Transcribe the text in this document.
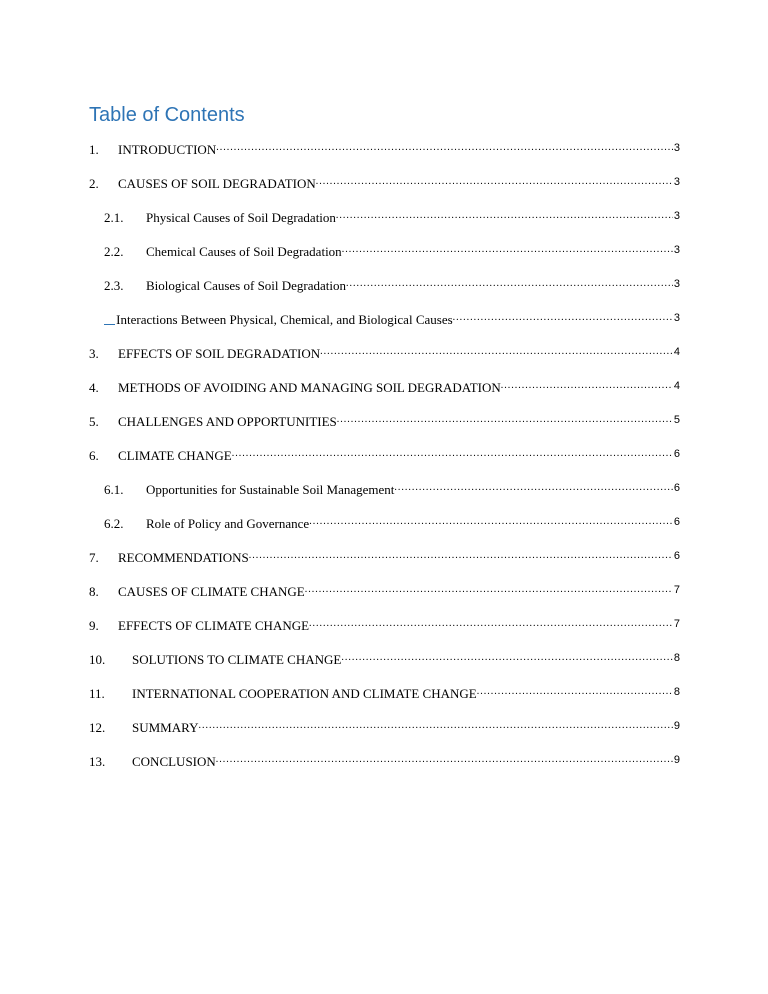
Table of Contents
1. INTRODUCTION .....	3
2. CAUSES OF SOIL DEGRADATION .....	3
2.1. Physical Causes of Soil Degradation .....	3
2.2. Chemical Causes of Soil Degradation .....	3
2.3. Biological Causes of Soil Degradation .....	3
Interactions Between Physical, Chemical, and Biological Causes .....	3
3. EFFECTS OF SOIL DEGRADATION .....	4
4. METHODS OF AVOIDING AND MANAGING SOIL DEGRADATION .....	4
5. CHALLENGES AND OPPORTUNITIES .....	5
6. CLIMATE CHANGE .....	6
6.1. Opportunities for Sustainable Soil Management .....	6
6.2. Role of Policy and Governance .....	6
7. RECOMMENDATIONS .....	6
8. CAUSES OF CLIMATE CHANGE .....	7
9. EFFECTS OF CLIMATE CHANGE .....	7
10. SOLUTIONS TO CLIMATE CHANGE .....	8
11. INTERNATIONAL COOPERATION AND CLIMATE CHANGE .....	8
12. SUMMARY .....	9
13. CONCLUSION .....	9
